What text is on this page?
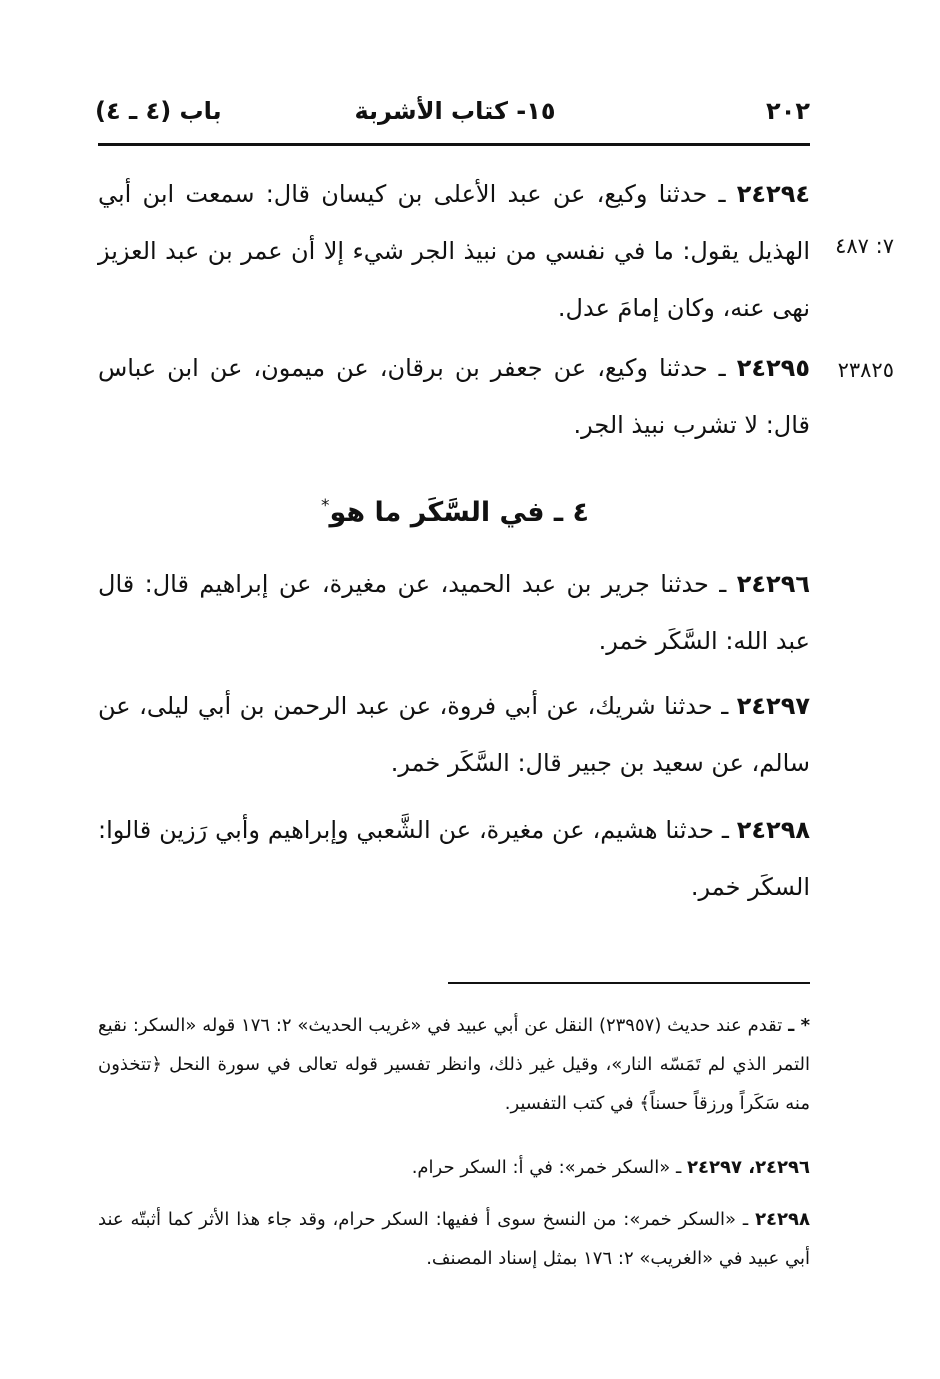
٢٠٢
١٥- كتاب الأشربة
باب (٤ ـ ٤)
٧: ٤٨٧
٢٣٨٢٥
٢٤٢٩٤ ـ حدثنا وكيع، عن عبد الأعلى بن كيسان قال: سمعت ابن أبي الهذيل يقول: ما في نفسي من نبيذ الجر شيء إلا أن عمر بن عبد العزيز نهى عنه، وكان إمامَ عدل.
٢٤٢٩٥ ـ حدثنا وكيع، عن جعفر بن برقان، عن ميمون، عن ابن عباس قال: لا تشرب نبيذ الجر.
٤ ـ في السَّكَر ما هو*
٢٤٢٩٦ ـ حدثنا جرير بن عبد الحميد، عن مغيرة، عن إبراهيم قال: قال عبد الله: السَّكَر خمر.
٢٤٢٩٧ ـ حدثنا شريك، عن أبي فروة، عن عبد الرحمن بن أبي ليلى، عن سالم، عن سعيد بن جبير قال: السَّكَر خمر.
٢٤٢٩٨ ـ حدثنا هشيم، عن مغيرة، عن الشَّعبي وإبراهيم وأبي رَزين قالوا: السكَر خمر.
* ـ تقدم عند حديث (٢٣٩٥٧) النقل عن أبي عبيد في «غريب الحديث» ٢: ١٧٦ قوله «السكر: نقيع التمر الذي لم تَمَسّه النار»، وقيل غير ذلك، وانظر تفسير قوله تعالى في سورة النحل ﴿تتخذون منه سَكَراً ورزقاً حسناً﴾ في كتب التفسير.
٢٤٢٩٦، ٢٤٢٩٧ ـ «السكر خمر»: في أ: السكر حرام.
٢٤٢٩٨ ـ «السكر خمر»: من النسخ سوى أ ففيها: السكر حرام، وقد جاء هذا الأثر كما أثبتّه عند أبي عبيد في «الغريب» ٢: ١٧٦ بمثل إسناد المصنف.
